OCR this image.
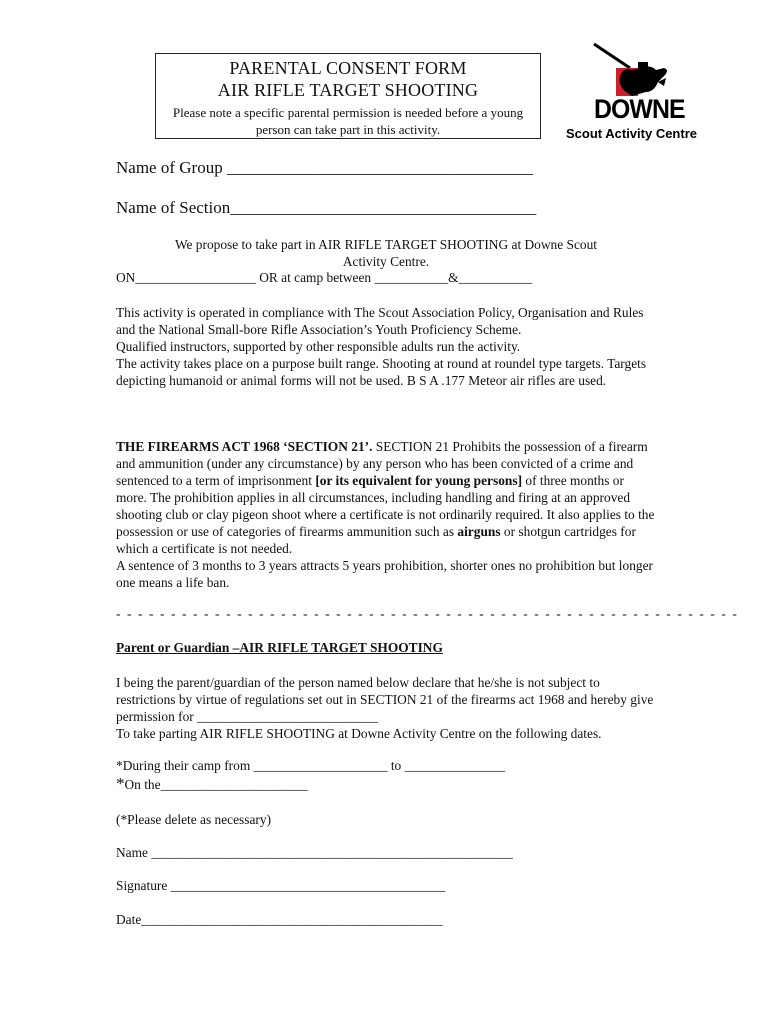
PARENTAL CONSENT FORM
AIR RIFLE TARGET SHOOTING
Please note a specific parental permission is needed before a young person can take part in this activity.
DOWNE
Scout Activity Centre
Name of Group ____________________________________
Name of Section____________________________________
We propose to take part in AIR RIFLE TARGET SHOOTING at Downe Scout
Activity Centre.
ON__________________ OR at camp between ___________&___________
This activity is operated in compliance with The Scout Association Policy, Organisation and Rules and the National Small-bore Rifle Association’s Youth Proficiency Scheme.
Qualified instructors, supported by other responsible adults run the activity.
The activity takes place on a purpose built range. Shooting at round at roundel type targets. Targets depicting humanoid or animal forms will not be used. B S A .177 Meteor air rifles are used.
THE FIREARMS ACT 1968 ‘SECTION 21’. SECTION 21 Prohibits the possession of a firearm and ammunition (under any circumstance) by any person who has been convicted of a crime and sentenced to a term of imprisonment [or its equivalent for young persons] of three months or more. The prohibition applies in all circumstances, including handling and firing at an approved shooting club or clay pigeon shoot where a certificate is not ordinarily required. It also applies to the possession or use of categories of firearms ammunition such as airguns or shotgun cartridges for which a certificate is not needed.
A sentence of 3 months to 3 years attracts 5 years prohibition, shorter ones no prohibition but longer one means a life ban.
- - - - - - - - - - - - - - - - - - - - - - - - - - - - - - - - - - - - - - - - - - - - - - - - - - - - - - - - -
Parent or Guardian –AIR RIFLE TARGET SHOOTING
I being the parent/guardian of the person named below declare that he/she is not subject to restrictions by virtue of regulations set out in SECTION 21 of the firearms act 1968 and hereby give permission for ___________________________
To take parting AIR RIFLE SHOOTING at Downe Activity Centre on the following dates.
*During their camp from ____________________ to _______________
*On the______________________
(*Please delete as necessary)
Name ______________________________________________________
Signature _________________________________________
Date_____________________________________________
